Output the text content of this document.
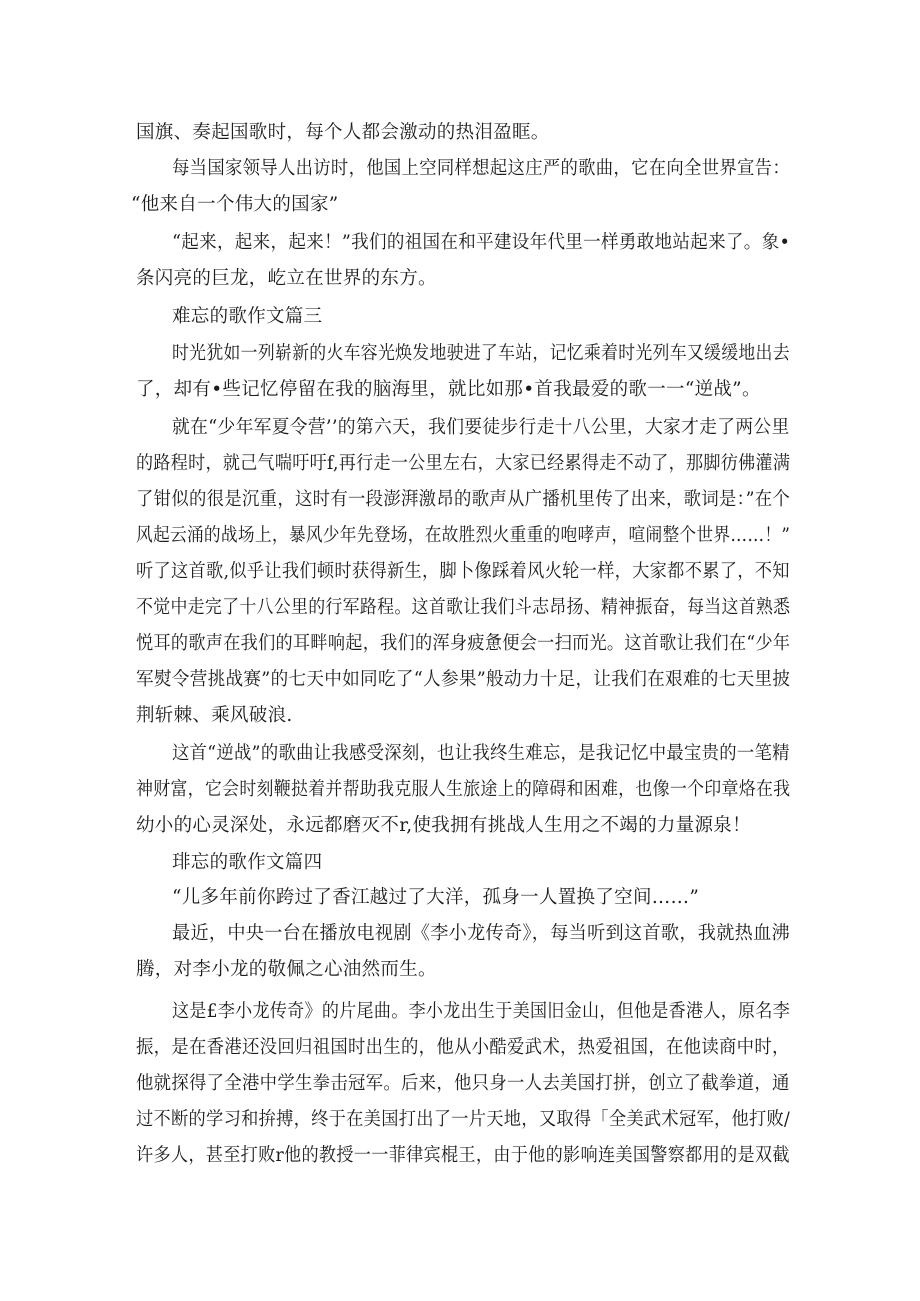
国旗、奏起国歌时，每个人都会激动的热泪盈眶。
每当国家领导人出访时，他国上空同样想起这庄严的歌曲，它在向全世界宣告：
“他来自一个伟大的国家”
“起来，起来，起来！”我们的祖国在和平建设年代里一样勇敢地站起来了。象•
条闪亮的巨龙，屹立在世界的东方。
难忘的歌作文篇三
时光犹如一列崭新的火车容光焕发地驶进了车站，记忆乘着时光列车又缓缓地出去
了，却有•些记忆停留在我的脑海里，就比如那•首我最爱的歌一一“逆战”。
就在“少年军夏令营’’的第六天，我们要徒步行走十八公里，大家才走了两公里
的路程时，就己气喘吁吁f,再行走一公里左右，大家已经累得走不动了，那脚彷佛灌满
了钳似的很是沉重，这时有一段澎湃激昂的歌声从广播机里传了出来，歌词是：”在个
风起云涌的战场上，暴风少年先登场，在故胜烈火重重的咆哮声，喧闹整个世界……！”
听了这首歌,似乎让我们顿时获得新生，脚卜像踩着风火轮一样，大家都不累了，不知
不觉中走完了十八公里的行军路程。这首歌让我们斗志昂扬、精神振奋，每当这首熟悉
悦耳的歌声在我们的耳畔响起，我们的浑身疲惫便会一扫而光。这首歌让我们在“少年
军熨令营挑战赛”的七天中如同吃了“人参果”般动力十足，让我们在艰难的七天里披
荆斩棘、乘风破浪.
这首“逆战”的歌曲让我感受深刻，也让我终生难忘，是我记忆中最宝贵的一笔精
神财富，它会时刻鞭挞着并帮助我克服人生旅途上的障碍和困难，也像一个印章烙在我
幼小的心灵深处，永远都磨灭不r,使我拥有挑战人生用之不竭的力量源泉！
琲忘的歌作文篇四
“儿多年前你跨过了香江越过了大洋，孤身一人置换了空间……”
最近，中央一台在播放电视剧《李小龙传奇》，每当听到这首歌，我就热血沸
腾，对李小龙的敬佩之心油然而生。
这是£李小龙传奇》的片尾曲。李小龙出生于美国旧金山，但他是香港人，原名李
振，是在香港还没回归祖国时出生的，他从小酷爱武术，热爱祖国，在他读商中时，
他就探得了全港中学生拳击冠军。后来，他只身一人去美国打拼，创立了截拳道，通
过不断的学习和拚搏，终于在美国打出了一片天地，又取得「全美武术冠军，他打败/
许多人，甚至打败r他的教授一一菲律宾棍王，由于他的影响连美国警察都用的是双截
